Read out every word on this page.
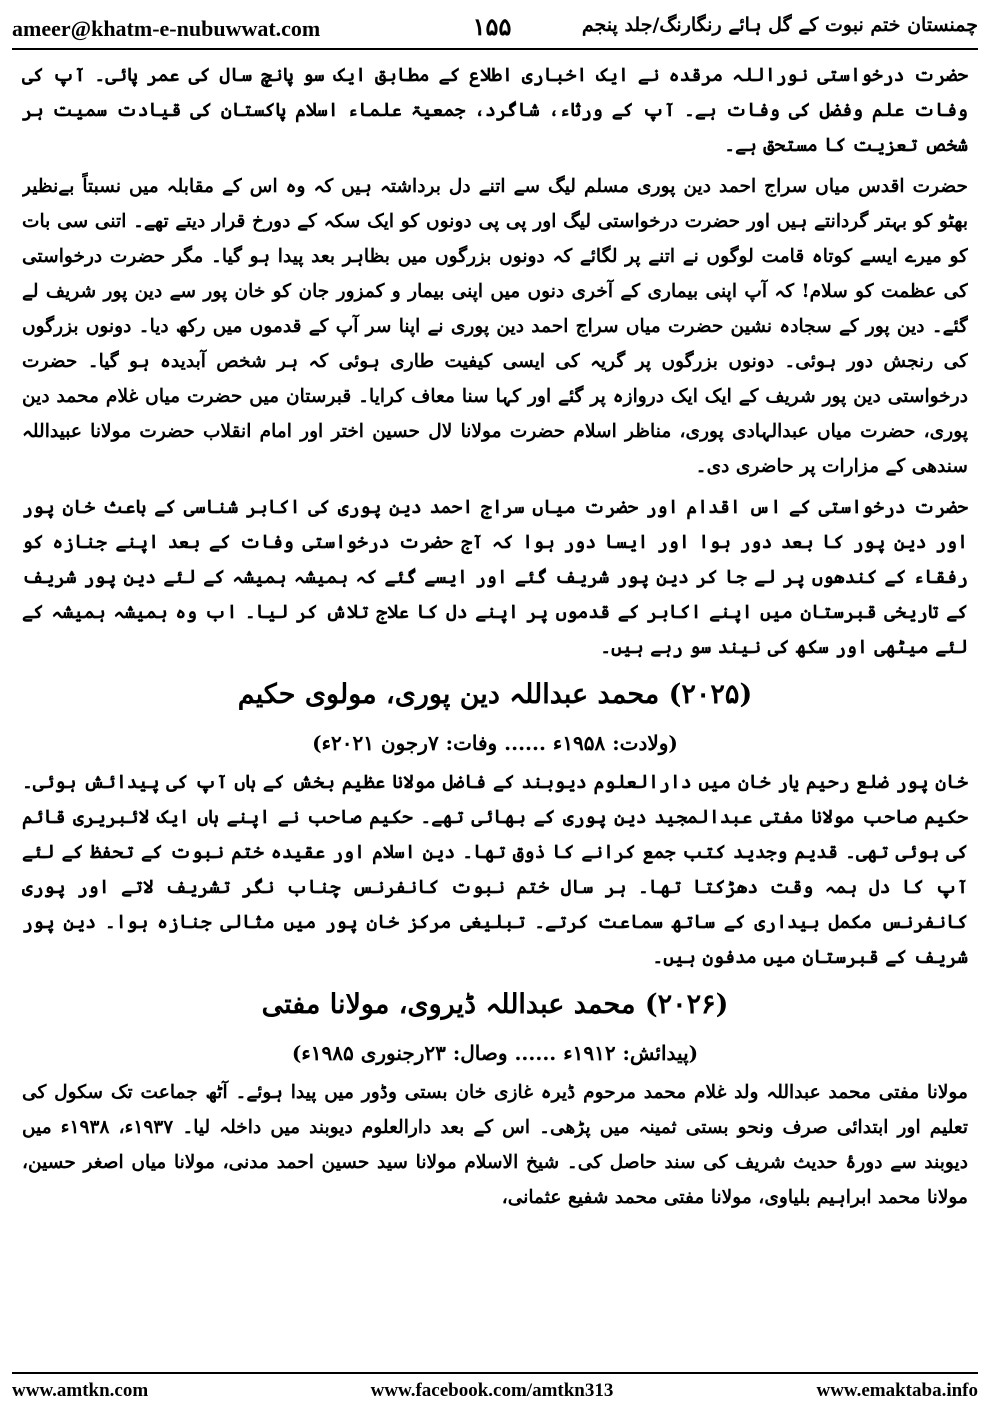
ameer@khatm-e-nubuwwat.com	۱۵۵	چمنستان ختم نبوت کے گل ہائے رنگارنگ/جلد پنجم

حضرت درخواستی نوراللہ مرقدہ نے ایک اخباری اطلاع کے مطابق ایک سو پانچ سال کی عمر پائی۔ آپ کی وفات علم وفضل کی وفات ہے۔ آپ کے ورثاء، شاگرد، جمعیۃ علماء اسلام پاکستان کی قیادت سمیت ہر شخص تعزیت کا مستحق ہے۔

حضرت اقدس میاں سراج احمد دین پوری مسلم لیگ سے اتنے دل برداشتہ ہیں کہ وہ اس کے مقابلہ میں نسبتاً بےنظیر بھٹو کو بہتر گردانتے ہیں اور حضرت درخواستی لیگ اور پی پی دونوں کو ایک سکہ کے دورخ قرار دیتے تھے۔ اتنی سی بات کو میرے ایسے کوتاہ قامت لوگوں نے اتنے پر لگائے کہ دونوں بزرگوں میں بظاہر بعد پیدا ہو گیا۔ مگر حضرت درخواستی کی عظمت کو سلام! کہ آپ اپنی بیماری کے آخری دنوں میں اپنی بیمار و کمزور جان کو خان پور سے دین پور شریف لے گئے۔ دین پور کے سجادہ نشین حضرت میاں سراج احمد دین پوری نے اپنا سر آپ کے قدموں میں رکھ دیا۔ دونوں بزرگوں کی رنجش دور ہوئی۔ دونوں بزرگوں پر گریہ کی ایسی کیفیت طاری ہوئی کہ ہر شخص آبدیدہ ہو گیا۔ حضرت درخواستی دین پور شریف کے ایک ایک دروازہ پر گئے اور کہا سنا معاف کرایا۔ قبرستان میں حضرت میاں غلام محمد دین پوری، حضرت میاں عبدالہادی پوری، مناظر اسلام حضرت مولانا لال حسین اختر اور امام انقلاب حضرت مولانا عبیداللہ سندھی کے مزارات پر حاضری دی۔

حضرت درخواستی کے اس اقدام اور حضرت میاں سراج احمد دین پوری کی اکابر شناسی کے باعث خان پور اور دین پور کا بعد دور ہوا اور ایسا دور ہوا کہ آج حضرت درخواستی وفات کے بعد اپنے جنازہ کو رفقاء کے کندھوں پر لے جا کر دین پور شریف گئے اور ایسے گئے کہ ہمیشہ ہمیشہ کے لئے دین پور شریف کے تاریخی قبرستان میں اپنے اکابر کے قدموں پر اپنے دل کا علاج تلاش کر لیا۔ اب وہ ہمیشہ ہمیشہ کے لئے میٹھی اور سکھ کی نیند سو رہے ہیں۔

(۲۰۲۵) محمد عبداللہ دین پوری، مولوی حکیم
(ولادت: ۱۹۵۸ء ...... وفات: ۷رجون ۲۰۲۱ء)

خان پور ضلع رحیم یار خان میں دارالعلوم دیوبند کے فاضل مولانا عظیم بخش کے ہاں آپ کی پیدائش ہوئی۔ حکیم صاحب مولانا مفتی عبدالمجید دین پوری کے بھائی تھے۔ حکیم صاحب نے اپنے ہاں ایک لائبریری قائم کی ہوئی تھی۔ قدیم وجدید کتب جمع کرانے کا ذوق تھا۔ دین اسلام اور عقیدہ ختم نبوت کے تحفظ کے لئے آپ کا دل ہمہ وقت دھڑکتا تھا۔ ہر سال ختم نبوت کانفرنس چناب نگر تشریف لاتے اور پوری کانفرنس مکمل بیداری کے ساتھ سماعت کرتے۔ تبلیغی مرکز خان پور میں مثالی جنازہ ہوا۔ دین پور شریف کے قبرستان میں مدفون ہیں۔

(۲۰۲۶) محمد عبداللہ ڈیروی، مولانا مفتی
(پیدائش: ۱۹۱۲ء ...... وصال: ۲۳رجنوری ۱۹۸۵ء)

مولانا مفتی محمد عبداللہ ولد غلام محمد مرحوم ڈیرہ غازی خان بستی وڈور میں پیدا ہوئے۔ آٹھ جماعت تک سکول کی تعلیم اور ابتدائی صرف ونحو بستی ثمینہ میں پڑھی۔ اس کے بعد دارالعلوم دیوبند میں داخلہ لیا۔ ۱۹۳۷ء، ۱۹۳۸ء میں دیوبند سے دورۂ حدیث شریف کی سند حاصل کی۔ شیخ الاسلام مولانا سید حسین احمد مدنی، مولانا میاں اصغر حسین، مولانا محمد ابراہیم بلیاوی، مولانا مفتی محمد شفیع عثمانی،

www.amtkn.com	www.facebook.com/amtkn313	www.emaktaba.info
